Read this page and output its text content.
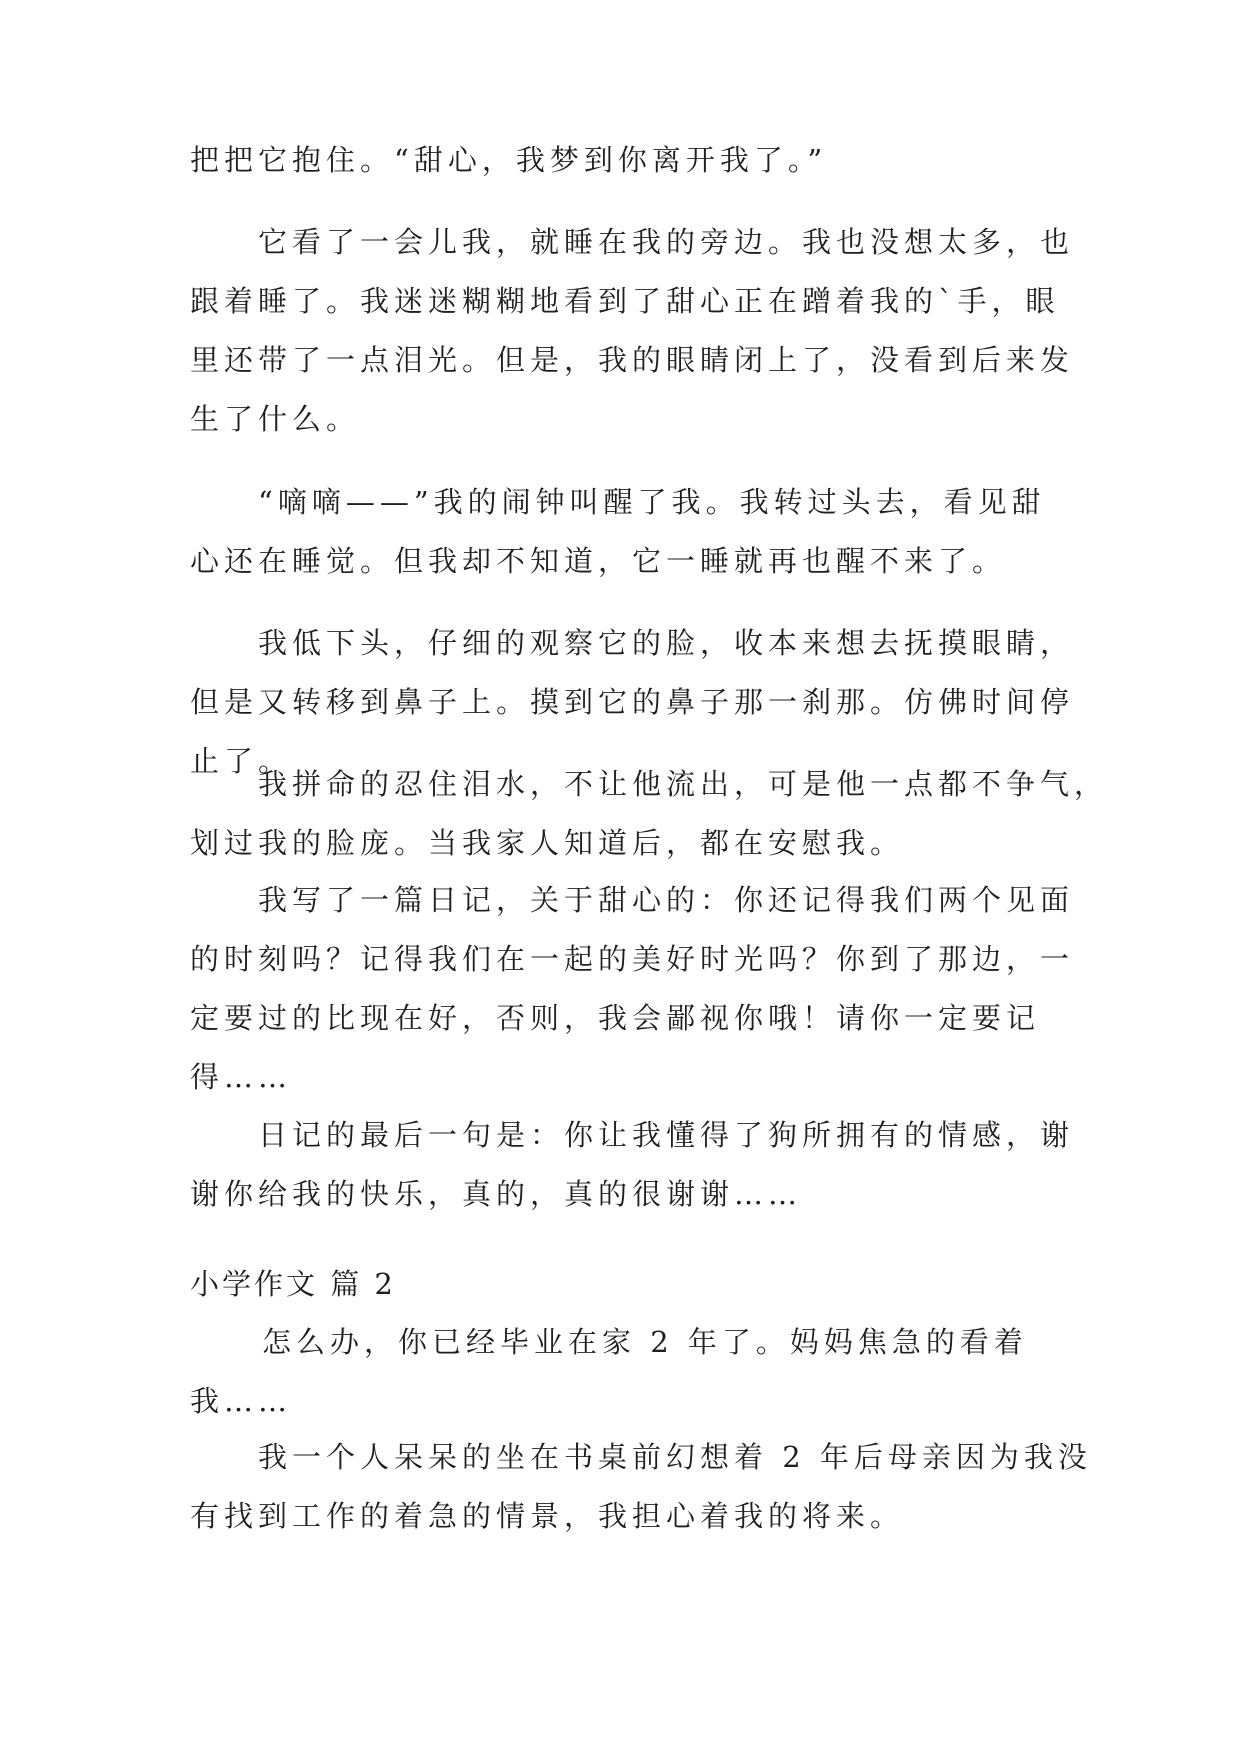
把把它抱住。“甜心，我梦到你离开我了。”
它看了一会儿我，就睡在我的旁边。我也没想太多，也
跟着睡了。我迷迷糊糊地看到了甜心正在蹭着我的`手，眼
里还带了一点泪光。但是，我的眼睛闭上了，没看到后来发
生了什么。
“嘀嘀——”我的闹钟叫醒了我。我转过头去，看见甜
心还在睡觉。但我却不知道，它一睡就再也醒不来了。
我低下头，仔细的观察它的脸，收本来想去抚摸眼睛，
但是又转移到鼻子上。摸到它的鼻子那一刹那。仿佛时间停
止了。
我拼命的忍住泪水，不让他流出，可是他一点都不争气，
划过我的脸庞。当我家人知道后，都在安慰我。
我写了一篇日记，关于甜心的：你还记得我们两个见面
的时刻吗？记得我们在一起的美好时光吗？你到了那边，一
定要过的比现在好，否则，我会鄙视你哦！请你一定要记
得……
日记的最后一句是：你让我懂得了狗所拥有的情感，谢
谢你给我的快乐，真的，真的很谢谢……
小学作文 篇 2
怎么办，你已经毕业在家 2 年了。妈妈焦急的看着
我……
我一个人呆呆的坐在书桌前幻想着 2 年后母亲因为我没
有找到工作的着急的情景，我担心着我的将来。
